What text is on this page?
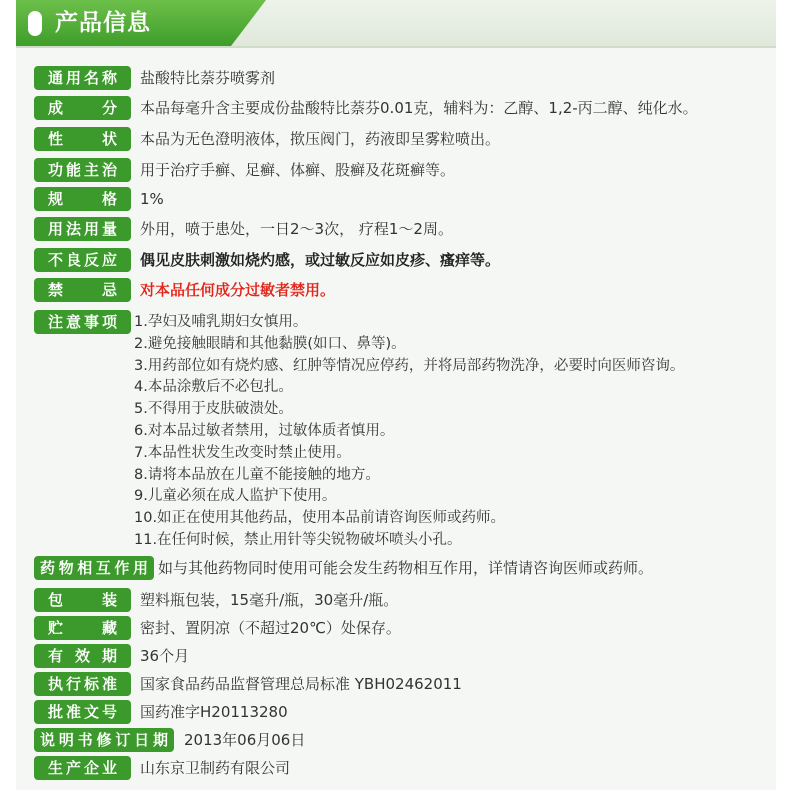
产品信息
通用名称	盐酸特比萘芬喷雾剂
成　分	本品每毫升含主要成份盐酸特比萘芬0.01克，辅料为：乙醇、1,2-丙二醇、纯化水。
性　状	本品为无色澄明液体，揿压阀门，药液即呈雾粒喷出。
功能主治	用于治疗手癣、足癣、体癣、股癣及花斑癣等。
规　格	1%
用法用量	外用，喷于患处，一日2～3次， 疗程1～2周。
不良反应	偶见皮肤刺激如烧灼感，或过敏反应如皮疹、瘙痒等。
禁　忌	对本品任何成分过敏者禁用。
注意事项	1.孕妇及哺乳期妇女慎用。
2.避免接触眼睛和其他黏膜(如口、鼻等)。
3.用药部位如有烧灼感、红肿等情况应停药，并将局部药物洗净，必要时向医师咨询。
4.本品涂敷后不必包扎。
5.不得用于皮肤破溃处。
6.对本品过敏者禁用，过敏体质者慎用。
7.本品性状发生改变时禁止使用。
8.请将本品放在儿童不能接触的地方。
9.儿童必须在成人监护下使用。
10.如正在使用其他药品，使用本品前请咨询医师或药师。
11.在任何时候，禁止用针等尖锐物破坏喷头小孔。
药物相互作用 如与其他药物同时使用可能会发生药物相互作用，详情请咨询医师或药师。
包　装	塑料瓶包装，15毫升/瓶，30毫升/瓶。
贮　藏	密封、置阴凉（不超过20℃）处保存。
有效期	36个月
执行标准	国家食品药品监督管理总局标准 YBH02462011
批准文号	国药准字H20113280
说明书修订日期	2013年06月06日
生产企业	山东京卫制药有限公司
